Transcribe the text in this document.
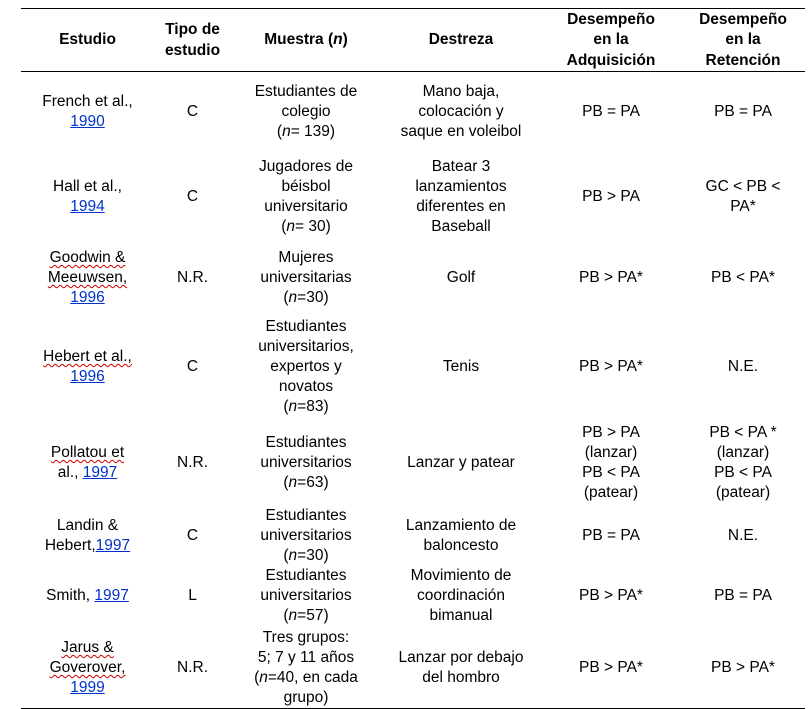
Estudio	Tipo de
estudio	Muestra (n)	Destreza	Desempeño
en la
Adquisición	Desempeño
en la
Retención

French et al.,
1990	C	Estudiantes de
colegio
(n= 139)	Mano baja,
colocación y
saque en voleibol	PB = PA	PB = PA

Hall et al.,
1994	C	Jugadores de
béisbol
universitario
(n= 30)	Batear 3
lanzamientos
diferentes en
Baseball	PB > PA	GC < PB <
PA*

Goodwin &
Meeuwsen,
1996	N.R.	Mujeres
universitarias
(n=30)	Golf	PB > PA*	PB < PA*

Hebert et al.,
1996	C	Estudiantes
universitarios,
expertos y
novatos
(n=83)	Tenis	PB > PA*	N.E.

Pollatou et
al., 1997	N.R.	Estudiantes
universitarios
(n=63)	Lanzar y patear	PB > PA
(lanzar)
PB < PA
(patear)	PB < PA *
(lanzar)
PB < PA
(patear)

Landin &
Hebert,1997	C	Estudiantes
universitarios
(n=30)	Lanzamiento de
baloncesto	PB = PA	N.E.

Smith, 1997	L	Estudiantes
universitarios
(n=57)	Movimiento de
coordinación
bimanual	PB > PA*	PB = PA

Jarus &
Goverover,
1999	N.R.	Tres grupos:
5; 7 y 11 años
(n=40, en cada
grupo)	Lanzar por debajo
del hombro	PB > PA*	PB > PA*
